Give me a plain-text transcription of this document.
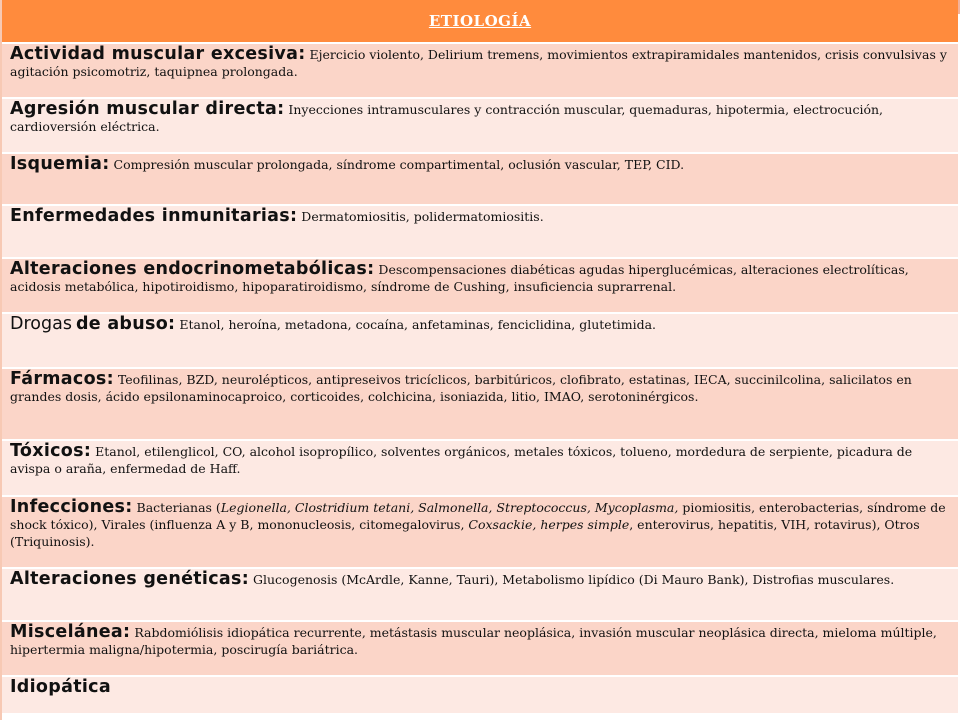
ETIOLOGÍA
Actividad muscular excesiva: Ejercicio violento, Delirium tremens, movimientos extrapiramidales mantenidos, crisis convulsivas y agitación psicomotriz, taquipnea prolongada.
Agresión muscular directa: Inyecciones intramusculares y contracción muscular, quemaduras, hipotermia, electrocución, cardioversión eléctrica.
Isquemia: Compresión muscular prolongada, síndrome compartimental, oclusión vascular, TEP, CID.
Enfermedades inmunitarias: Dermatomiositis, polidermatomiositis.
Alteraciones endocrinometabólicas: Descompensaciones diabéticas agudas hiperglucémicas, alteraciones electrolíticas, acidosis metabólica, hipotiroidismo, hipoparatiroidismo, síndrome de Cushing, insuficiencia suprarrenal.
Drogas de abuso: Etanol, heroína, metadona, cocaína, anfetaminas, fenciclidina, glutetimida.
Fármacos: Teofilinas, BZD, neurolépticos, antipreseivos tricíclicos, barbitúricos, clofibrato, estatinas, IECA, succinilcolina, salicilatos en grandes dosis, ácido epsilonaminocaproico, corticoides, colchicina, isoniazida, litio, IMAO, serotoninérgicos.
Tóxicos: Etanol, etilenglicol, CO, alcohol isopropílico, solventes orgánicos, metales tóxicos, tolueno, mordedura de serpiente, picadura de avispa o araña, enfermedad de Haff.
Infecciones: Bacterianas (Legionella, Clostridium tetani, Salmonella, Streptococcus, Mycoplasma, piomiositis, enterobacterias, síndrome de shock tóxico), Virales (influenza A y B, mononucleosis, citomegalovirus, Coxsackie, herpes simple, enterovirus, hepatitis, VIH, rotavirus), Otros (Triquinosis).
Alteraciones genéticas: Glucogenosis (McArdle, Kanne, Tauri), Metabolismo lipídico (Di Mauro Bank), Distrofias musculares.
Miscelánea: Rabdomiólisis idiopática recurrente, metástasis muscular neoplásica, invasión muscular neoplásica directa, mieloma múltiple, hipertermia maligna/hipotermia, poscirugía bariátrica.
Idiopática
